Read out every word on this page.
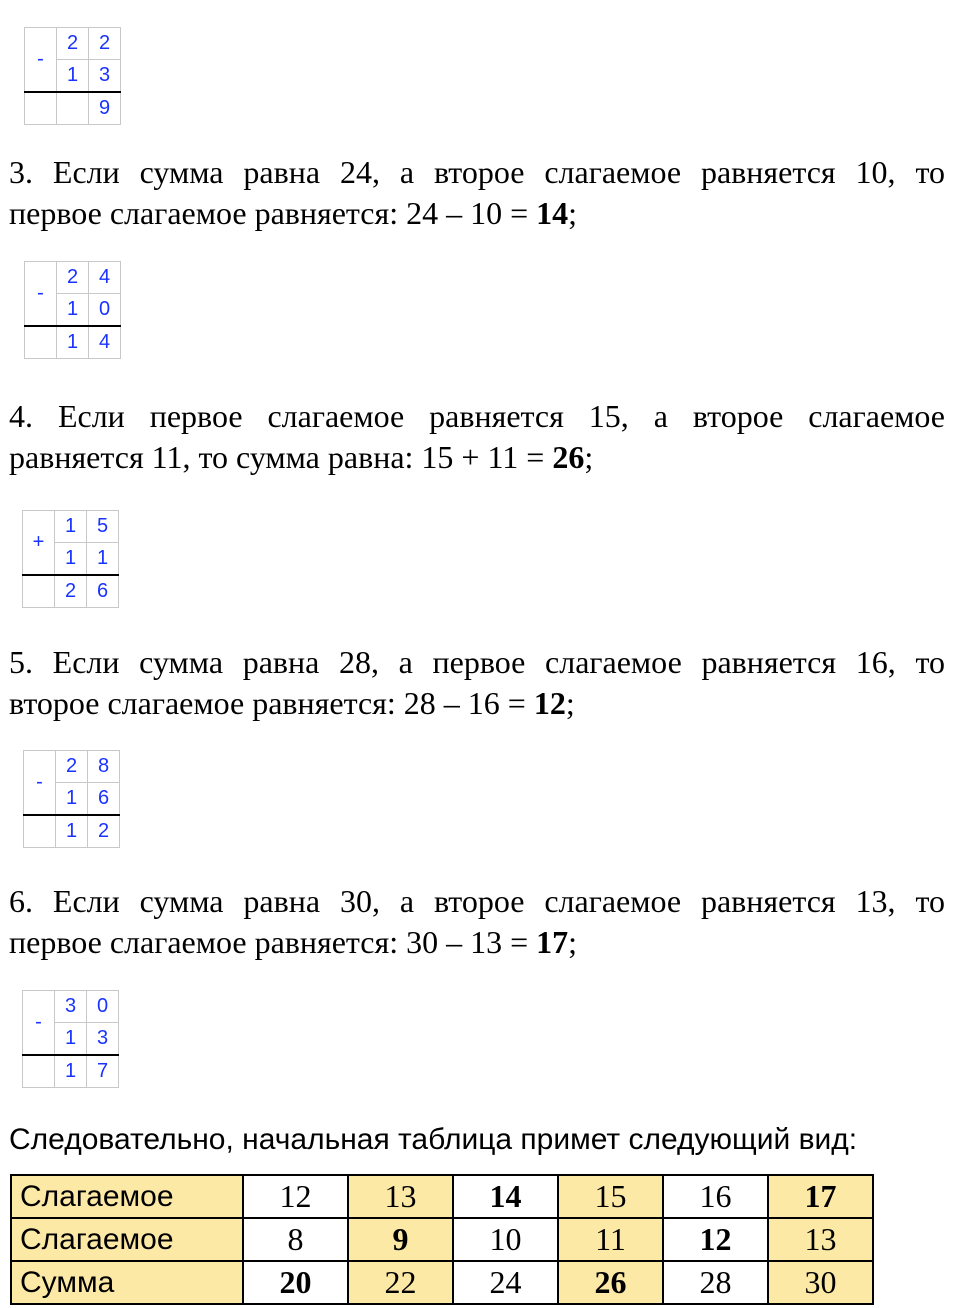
-	2	2
	1	3
		9
3. Если сумма равна 24, а второе слагаемое равняется 10, то
первое слагаемое равняется: 24 – 10 = 14;
-	2	4
	1	0
	1	4
4. Если первое слагаемое равняется 15, а второе слагаемое
равняется 11, то сумма равна: 15 + 11 = 26;
+	1	5
	1	1
	2	6
5. Если сумма равна 28, а первое слагаемое равняется 16, то
второе слагаемое равняется: 28 – 16 = 12;
-	2	8
	1	6
	1	2
6. Если сумма равна 30, а второе слагаемое равняется 13, то
первое слагаемое равняется: 30 – 13 = 17;
-	3	0
	1	3
	1	7
Следовательно, начальная таблица примет следующий вид:
Слагаемое	12	13	14	15	16	17
Слагаемое	8	9	10	11	12	13
Сумма	20	22	24	26	28	30
